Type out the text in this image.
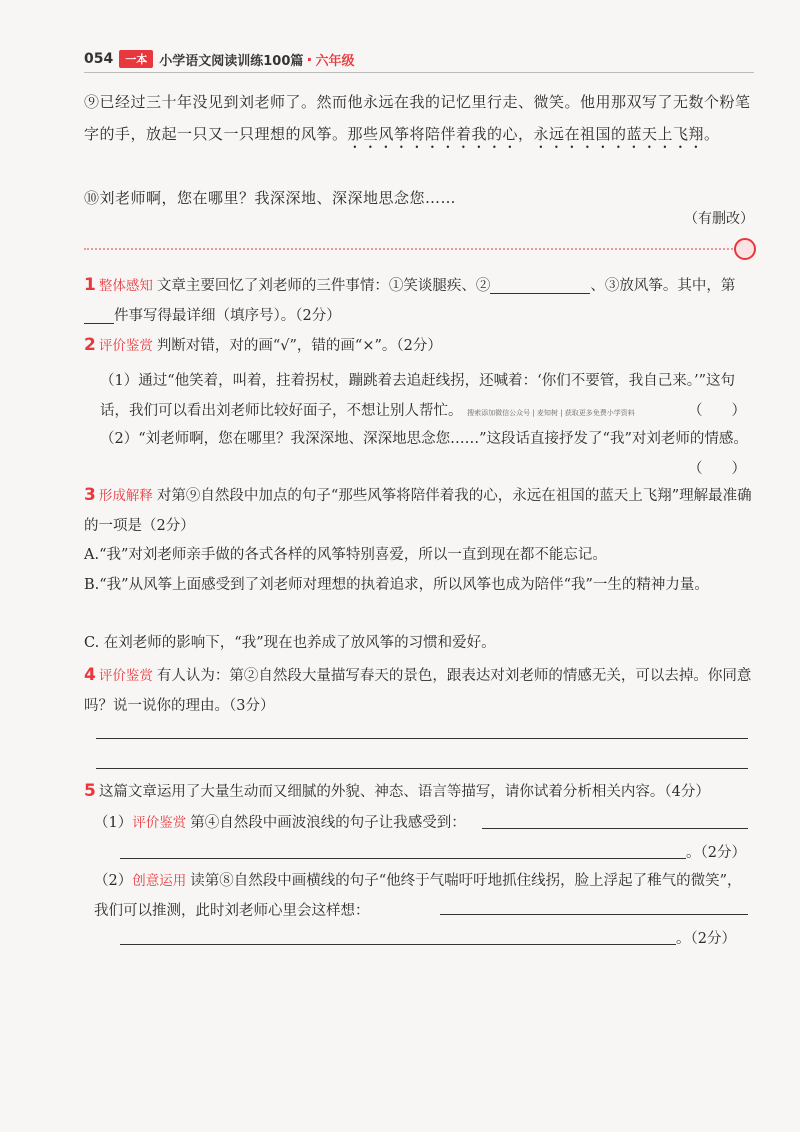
054	一本 小学语文阅读训练100篇 · 六年级
⑨已经过三十年没见到刘老师了。然而他永远在我的记忆里行走、微笑。他用那双写了无数个粉笔字的手，放起一只又一只理想的风筝。那些风筝将陪伴着我的心，永远在祖国的蓝天上飞翔。
⑩刘老师啊，您在哪里？我深深地、深深地思念您……
（有删改）
1 整体感知 文章主要回忆了刘老师的三件事情：①笑谈腿疾、②	、③放风筝。其中，第
件事写得最详细（填序号）。（2分）
2 评价鉴赏 判断对错，对的画“√”，错的画“×”。（2分）
（1）通过“他笑着，叫着，拄着拐杖，蹦跳着去追赶线拐，还喊着：‘你们不要管，我自己来。’”这句话，我们可以看出刘老师比较好面子，不想让别人帮忙。 搜索添加微信公众号 | 麦知树 | 获取更多免费小学资料	（　　）
（2）“刘老师啊，您在哪里？我深深地、深深地思念您……”这段话直接抒发了“我”对刘老师的情感。
（　　）
3 形成解释 对第⑨自然段中加点的句子“那些风筝将陪伴着我的心，永远在祖国的蓝天上飞翔”理解最准确的一项是（2分）
A.“我”对刘老师亲手做的各式各样的风筝特别喜爱，所以一直到现在都不能忘记。
B.“我”从风筝上面感受到了刘老师对理想的执着追求，所以风筝也成为陪伴“我”一生的精神力量。
C. 在刘老师的影响下，“我”现在也养成了放风筝的习惯和爱好。
4 评价鉴赏 有人认为：第②自然段大量描写春天的景色，跟表达对刘老师的情感无关，可以去掉。你同意吗？说一说你的理由。（3分）
5 这篇文章运用了大量生动而又细腻的外貌、神态、语言等描写，请你试着分析相关内容。（4分）
（1）评价鉴赏 第④自然段中画波浪线的句子让我感受到：
。（2分）
（2）创意运用 读第⑧自然段中画横线的句子“他终于气喘吁吁地抓住线拐，脸上浮起了稚气的微笑”，我们可以推测，此时刘老师心里会这样想：
。（2分）
